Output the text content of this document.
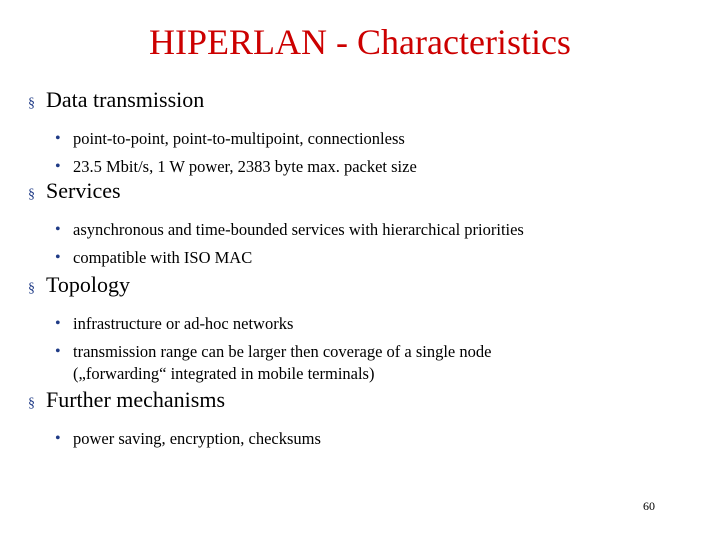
HIPERLAN - Characteristics
§ Data transmission
• point-to-point, point-to-multipoint, connectionless
• 23.5 Mbit/s, 1 W power, 2383 byte max. packet size
§ Services
• asynchronous and time-bounded services with hierarchical priorities
• compatible with ISO MAC
§ Topology
• infrastructure or ad-hoc networks
• transmission range can be larger then coverage of a single node
(„forwarding“ integrated in mobile terminals)
§ Further mechanisms
• power saving, encryption, checksums
60
